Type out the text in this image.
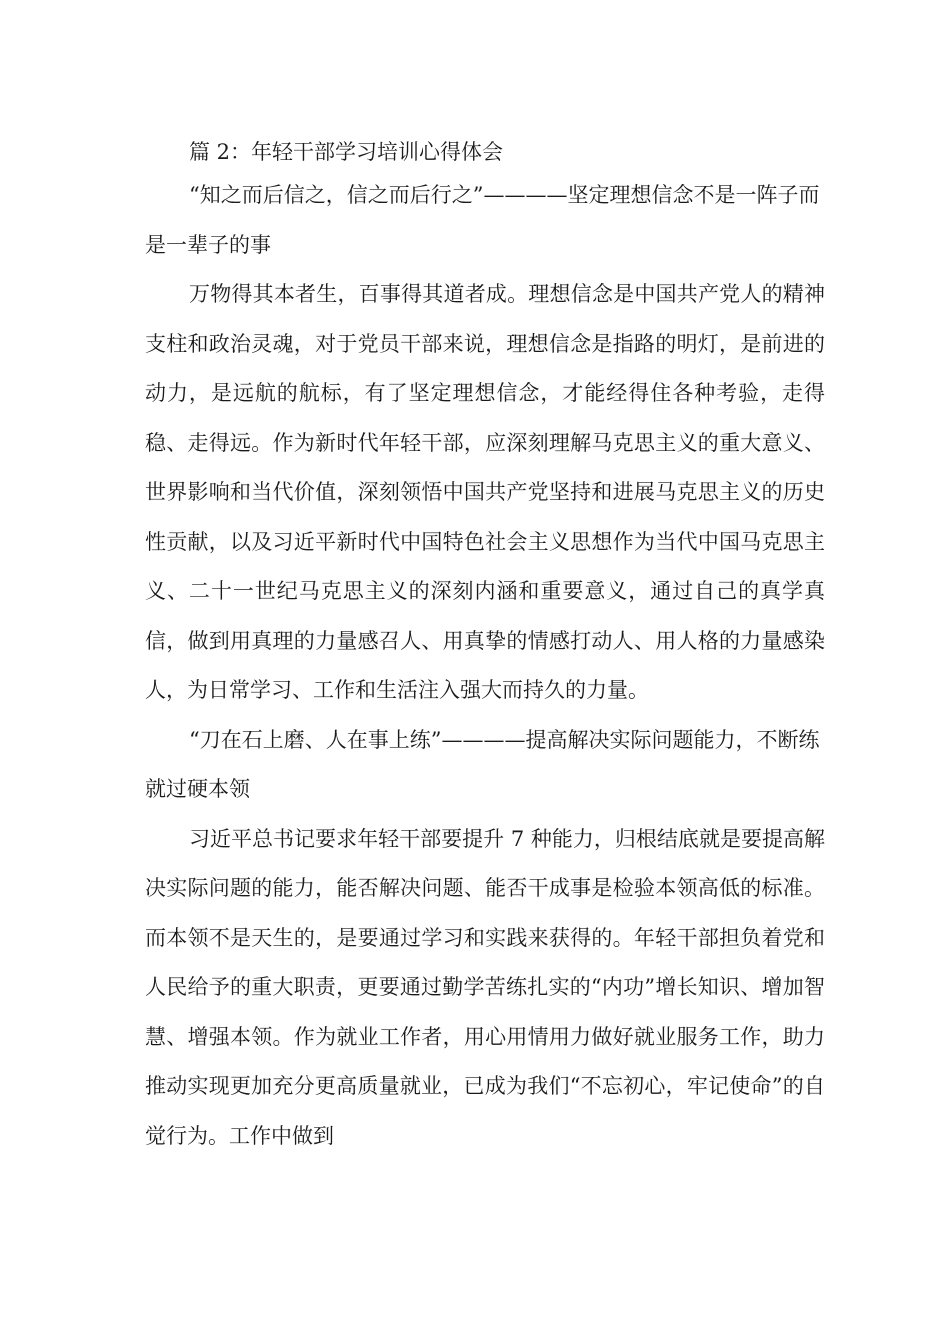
篇 2：年轻干部学习培训心得体会

“知之而后信之，信之而后行之”————坚定理想信念不是一阵子而是一辈子的事

万物得其本者生，百事得其道者成。理想信念是中国共产党人的精神支柱和政治灵魂，对于党员干部来说，理想信念是指路的明灯，是前进的动力，是远航的航标，有了坚定理想信念，才能经得住各种考验，走得稳、走得远。作为新时代年轻干部，应深刻理解马克思主义的重大意义、世界影响和当代价值，深刻领悟中国共产党坚持和进展马克思主义的历史性贡献，以及习近平新时代中国特色社会主义思想作为当代中国马克思主义、二十一世纪马克思主义的深刻内涵和重要意义，通过自己的真学真信，做到用真理的力量感召人、用真挚的情感打动人、用人格的力量感染人，为日常学习、工作和生活注入强大而持久的力量。

“刀在石上磨、人在事上练”————提高解决实际问题能力，不断练就过硬本领

习近平总书记要求年轻干部要提升 7 种能力，归根结底就是要提高解决实际问题的能力，能否解决问题、能否干成事是检验本领高低的标准。而本领不是天生的，是要通过学习和实践来获得的。年轻干部担负着党和人民给予的重大职责，更要通过勤学苦练扎实的“内功”增长知识、增加智慧、增强本领。作为就业工作者，用心用情用力做好就业服务工作，助力推动实现更加充分更高质量就业，已成为我们“不忘初心，牢记使命”的自觉行为。工作中做到
